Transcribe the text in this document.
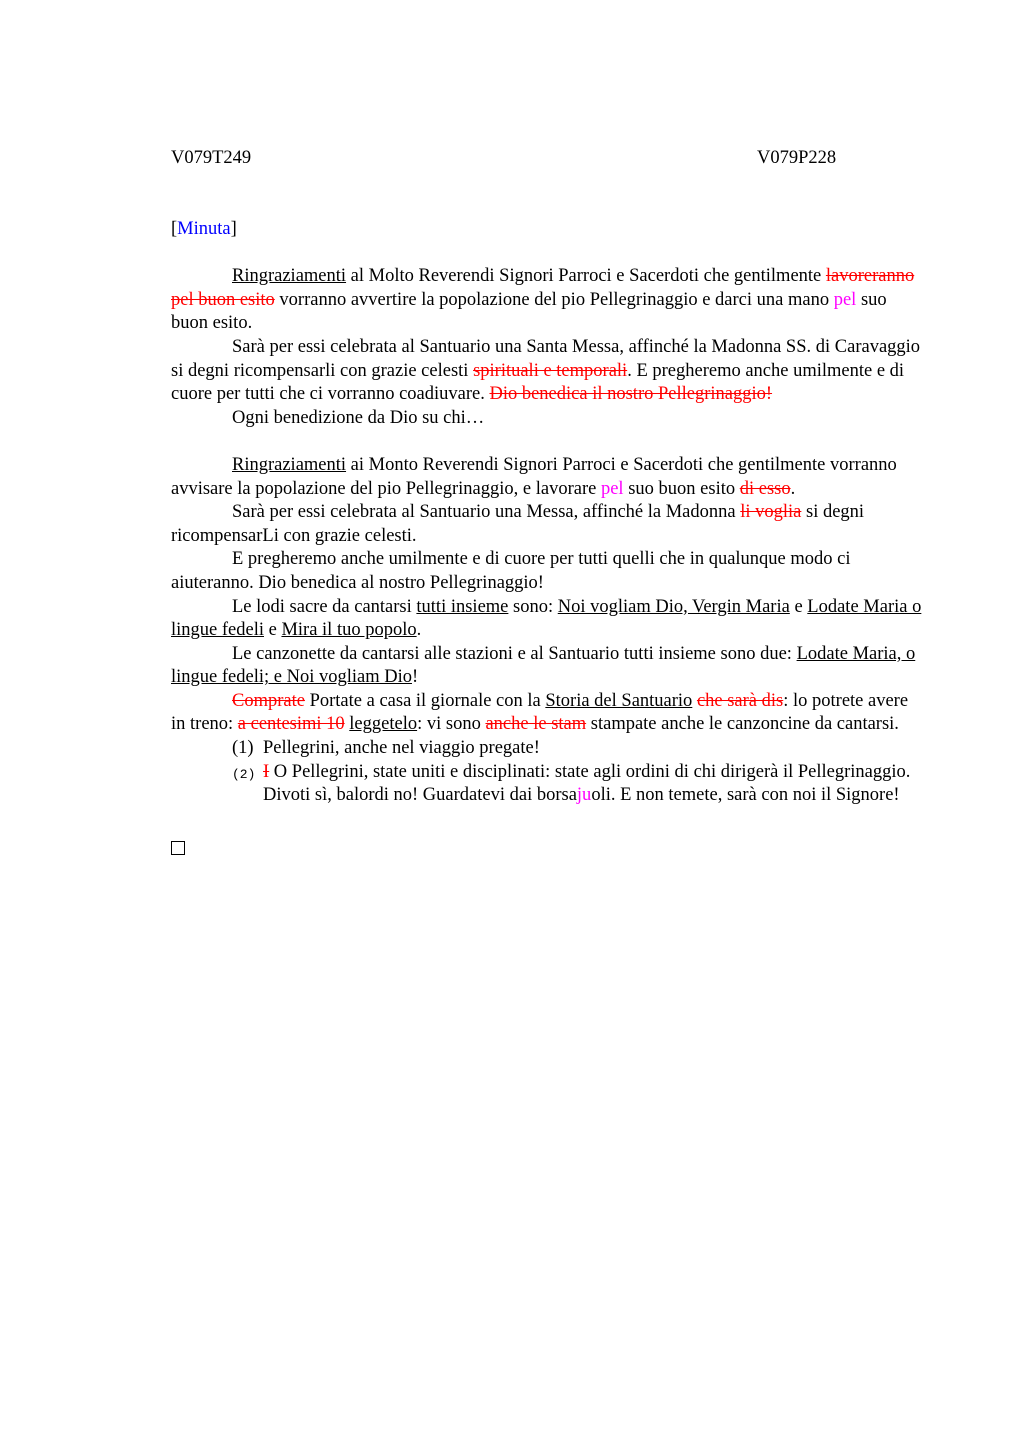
V079T249	V079P228

[Minuta]

Ringraziamenti al Molto Reverendi Signori Parroci e Sacerdoti che gentilmente lavoreranno pel buon esito vorranno avvertire la popolazione del pio Pellegrinaggio e darci una mano pel suo buon esito.

Sarà per essi celebrata al Santuario una Santa Messa, affinché la Madonna SS. di Caravaggio si degni ricompensarli con grazie celesti spirituali e temporali. E pregheremo anche umilmente e di cuore per tutti che ci vorranno coadiuvare. Dio benedica il nostro Pellegrinaggio!

Ogni benedizione da Dio su chi…

Ringraziamenti ai Monto Reverendi Signori Parroci e Sacerdoti che gentilmente vorranno avvisare la popolazione del pio Pellegrinaggio, e lavorare pel suo buon esito di esso.

Sarà per essi celebrata al Santuario una Messa, affinché la Madonna li voglia si degni ricompensarLi con grazie celesti.

E pregheremo anche umilmente e di cuore per tutti quelli che in qualunque modo ci aiuteranno. Dio benedica al nostro Pellegrinaggio!

Le lodi sacre da cantarsi tutti insieme sono: Noi vogliam Dio, Vergin Maria e Lodate Maria o lingue fedeli e Mira il tuo popolo.

Le canzonette da cantarsi alle stazioni e al Santuario tutti insieme sono due: Lodate Maria, o lingue fedeli; e Noi vogliam Dio!

Comprate Portate a casa il giornale con la Storia del Santuario che sarà dis: lo potrete avere in treno: a centesimi 10 leggetelo: vi sono anche le stam stampate anche le canzoncine da cantarsi.

(1) Pellegrini, anche nel viaggio pregate!

(2) I O Pellegrini, state uniti e disciplinati: state agli ordini di chi dirigerà il Pellegrinaggio. Divoti sì, balordi no! Guardatevi dai borsajuoli. E non temete, sarà con noi il Signore!
